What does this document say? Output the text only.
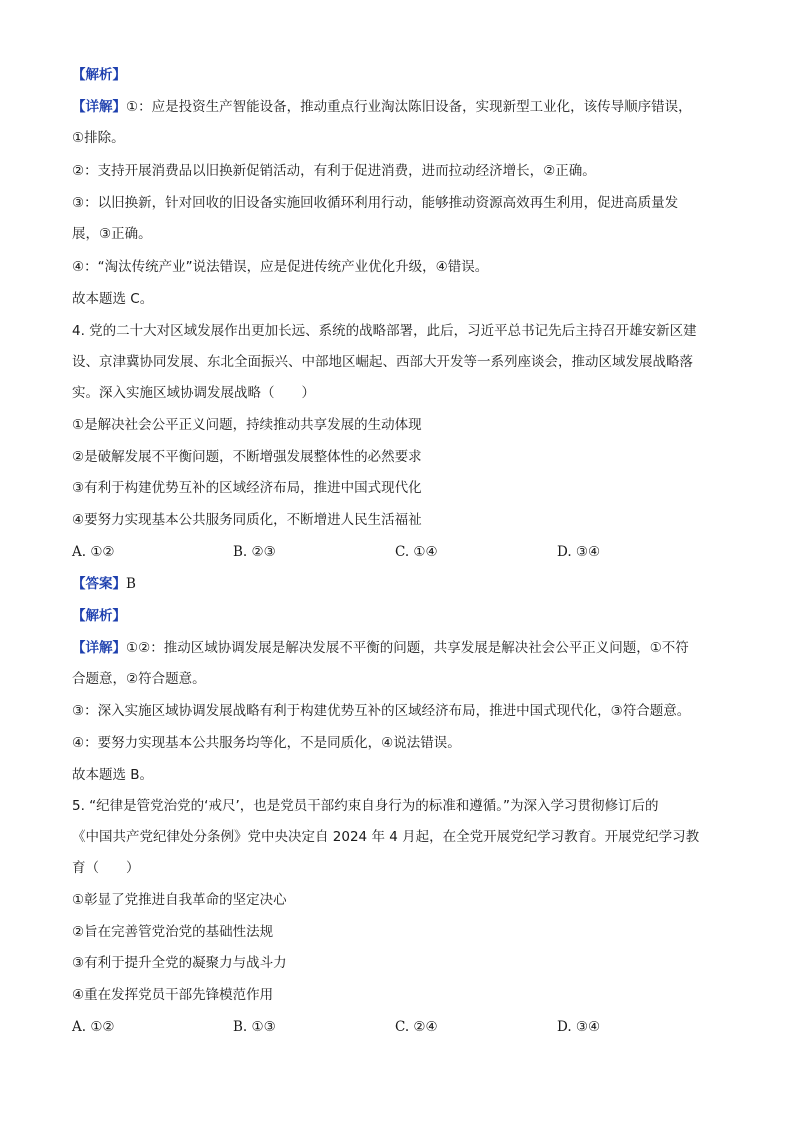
【解析】
【详解】①：应是投资生产智能设备，推动重点行业淘汰陈旧设备，实现新型工业化，该传导顺序错误，
①排除。
②：支持开展消费品以旧换新促销活动，有利于促进消费，进而拉动经济增长，②正确。
③：以旧换新，针对回收的旧设备实施回收循环利用行动，能够推动资源高效再生利用，促进高质量发
展，③正确。
④：“淘汰传统产业”说法错误，应是促进传统产业优化升级，④错误。
故本题选 C。
4. 党的二十大对区域发展作出更加长远、系统的战略部署，此后，习近平总书记先后主持召开雄安新区建
设、京津冀协同发展、东北全面振兴、中部地区崛起、西部大开发等一系列座谈会，推动区域发展战略落
实。深入实施区域协调发展战略（　　）
①是解决社会公平正义问题，持续推动共享发展的生动体现
②是破解发展不平衡问题，不断增强发展整体性的必然要求
③有利于构建优势互补的区域经济布局，推进中国式现代化
④要努力实现基本公共服务同质化，不断增进人民生活福祉
A. ①②	B. ②③	C. ①④	D. ③④
【答案】B
【解析】
【详解】①②：推动区域协调发展是解决发展不平衡的问题，共享发展是解决社会公平正义问题，①不符
合题意，②符合题意。
③：深入实施区域协调发展战略有利于构建优势互补的区域经济布局，推进中国式现代化，③符合题意。
④：要努力实现基本公共服务均等化，不是同质化，④说法错误。
故本题选 B。
5. “纪律是管党治党的‘戒尺’，也是党员干部约束自身行为的标准和遵循。”为深入学习贯彻修订后的
《中国共产党纪律处分条例》党中央决定自 2024 年 4 月起，在全党开展党纪学习教育。开展党纪学习教
育（　　）
①彰显了党推进自我革命的坚定决心
②旨在完善管党治党的基础性法规
③有利于提升全党的凝聚力与战斗力
④重在发挥党员干部先锋模范作用
A. ①②	B. ①③	C. ②④	D. ③④
